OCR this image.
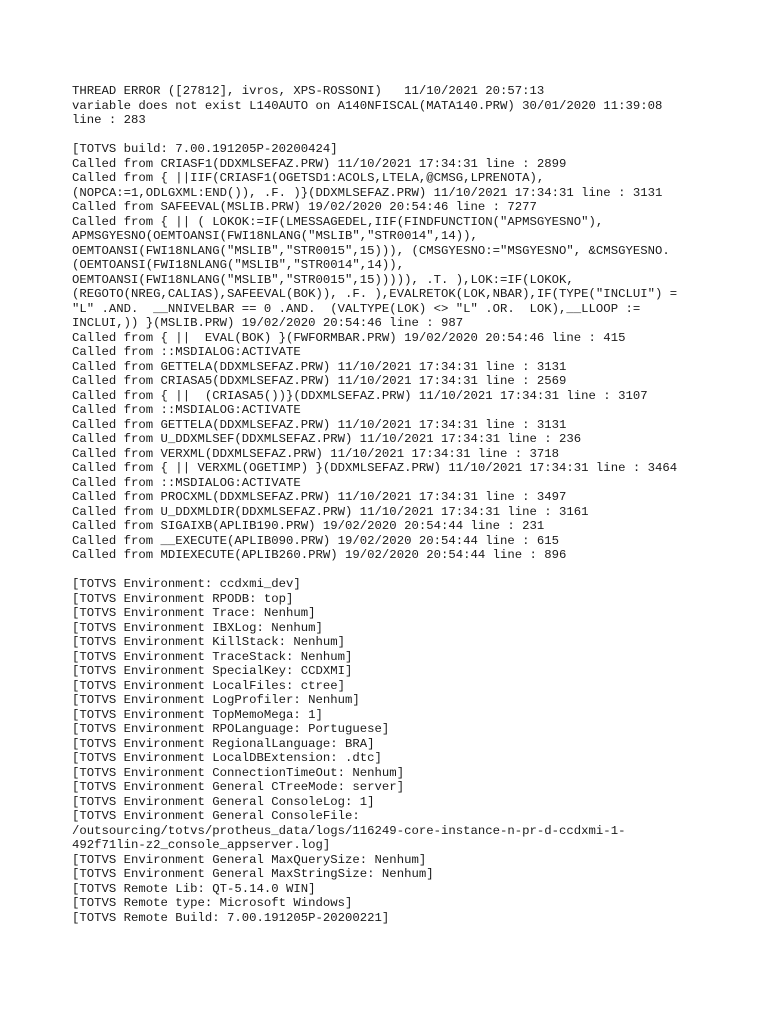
THREAD ERROR ([27812], ivros, XPS-ROSSONI)   11/10/2021 20:57:13
variable does not exist L140AUTO on A140NFISCAL(MATA140.PRW) 30/01/2020 11:39:08
line : 283
[TOTVS build: 7.00.191205P-20200424]
Called from CRIASF1(DDXMLSEFAZ.PRW) 11/10/2021 17:34:31 line : 2899
Called from { ||IIF(CRIASF1(OGETSD1:ACOLS,LTELA,@CMSG,LPRENOTA),
(NOPCA:=1,ODLGXML:END()), .F. )}(DDXMLSEFAZ.PRW) 11/10/2021 17:34:31 line : 3131
Called from SAFEEVAL(MSLIB.PRW) 19/02/2020 20:54:46 line : 7277
Called from { || ( LOKOK:=IF(LMESSAGEDEL,IIF(FINDFUNCTION("APMSGYESNO"),
APMSGYESNO(OEMTOANSI(FWI18NLANG("MSLIB","STR0014",14)),
OEMTOANSI(FWI18NLANG("MSLIB","STR0015",15))), (CMSGYESNO:="MSGYESNO", &CMSGYESNO.
(OEMTOANSI(FWI18NLANG("MSLIB","STR0014",14)),
OEMTOANSI(FWI18NLANG("MSLIB","STR0015",15))))), .T. ),LOK:=IF(LOKOK,
(REGOTO(NREG,CALIAS),SAFEEVAL(BOK)), .F. ),EVALRETOK(LOK,NBAR),IF(TYPE("INCLUI") =
"L" .AND.  __NNIVELBAR == 0 .AND.  (VALTYPE(LOK) <> "L" .OR.  LOK),__LLOOP :=
INCLUI,)) }(MSLIB.PRW) 19/02/2020 20:54:46 line : 987
Called from { ||  EVAL(BOK) }(FWFORMBAR.PRW) 19/02/2020 20:54:46 line : 415
Called from ::MSDIALOG:ACTIVATE
Called from GETTELA(DDXMLSEFAZ.PRW) 11/10/2021 17:34:31 line : 3131
Called from CRIASA5(DDXMLSEFAZ.PRW) 11/10/2021 17:34:31 line : 2569
Called from { ||  (CRIASA5())}(DDXMLSEFAZ.PRW) 11/10/2021 17:34:31 line : 3107
Called from ::MSDIALOG:ACTIVATE
Called from GETTELA(DDXMLSEFAZ.PRW) 11/10/2021 17:34:31 line : 3131
Called from U_DDXMLSEF(DDXMLSEFAZ.PRW) 11/10/2021 17:34:31 line : 236
Called from VERXML(DDXMLSEFAZ.PRW) 11/10/2021 17:34:31 line : 3718
Called from { || VERXML(OGETIMP) }(DDXMLSEFAZ.PRW) 11/10/2021 17:34:31 line : 3464
Called from ::MSDIALOG:ACTIVATE
Called from PROCXML(DDXMLSEFAZ.PRW) 11/10/2021 17:34:31 line : 3497
Called from U_DDXMLDIR(DDXMLSEFAZ.PRW) 11/10/2021 17:34:31 line : 3161
Called from SIGAIXB(APLIB190.PRW) 19/02/2020 20:54:44 line : 231
Called from __EXECUTE(APLIB090.PRW) 19/02/2020 20:54:44 line : 615
Called from MDIEXECUTE(APLIB260.PRW) 19/02/2020 20:54:44 line : 896
[TOTVS Environment: ccdxmi_dev]
[TOTVS Environment RPODB: top]
[TOTVS Environment Trace: Nenhum]
[TOTVS Environment IBXLog: Nenhum]
[TOTVS Environment KillStack: Nenhum]
[TOTVS Environment TraceStack: Nenhum]
[TOTVS Environment SpecialKey: CCDXMI]
[TOTVS Environment LocalFiles: ctree]
[TOTVS Environment LogProfiler: Nenhum]
[TOTVS Environment TopMemoMega: 1]
[TOTVS Environment RPOLanguage: Portuguese]
[TOTVS Environment RegionalLanguage: BRA]
[TOTVS Environment LocalDBExtension: .dtc]
[TOTVS Environment ConnectionTimeOut: Nenhum]
[TOTVS Environment General CTreeMode: server]
[TOTVS Environment General ConsoleLog: 1]
[TOTVS Environment General ConsoleFile:
/outsourcing/totvs/protheus_data/logs/116249-core-instance-n-pr-d-ccdxmi-1-
492f71lin-z2_console_appserver.log]
[TOTVS Environment General MaxQuerySize: Nenhum]
[TOTVS Environment General MaxStringSize: Nenhum]
[TOTVS Remote Lib: QT-5.14.0 WIN]
[TOTVS Remote type: Microsoft Windows]
[TOTVS Remote Build: 7.00.191205P-20200221]
